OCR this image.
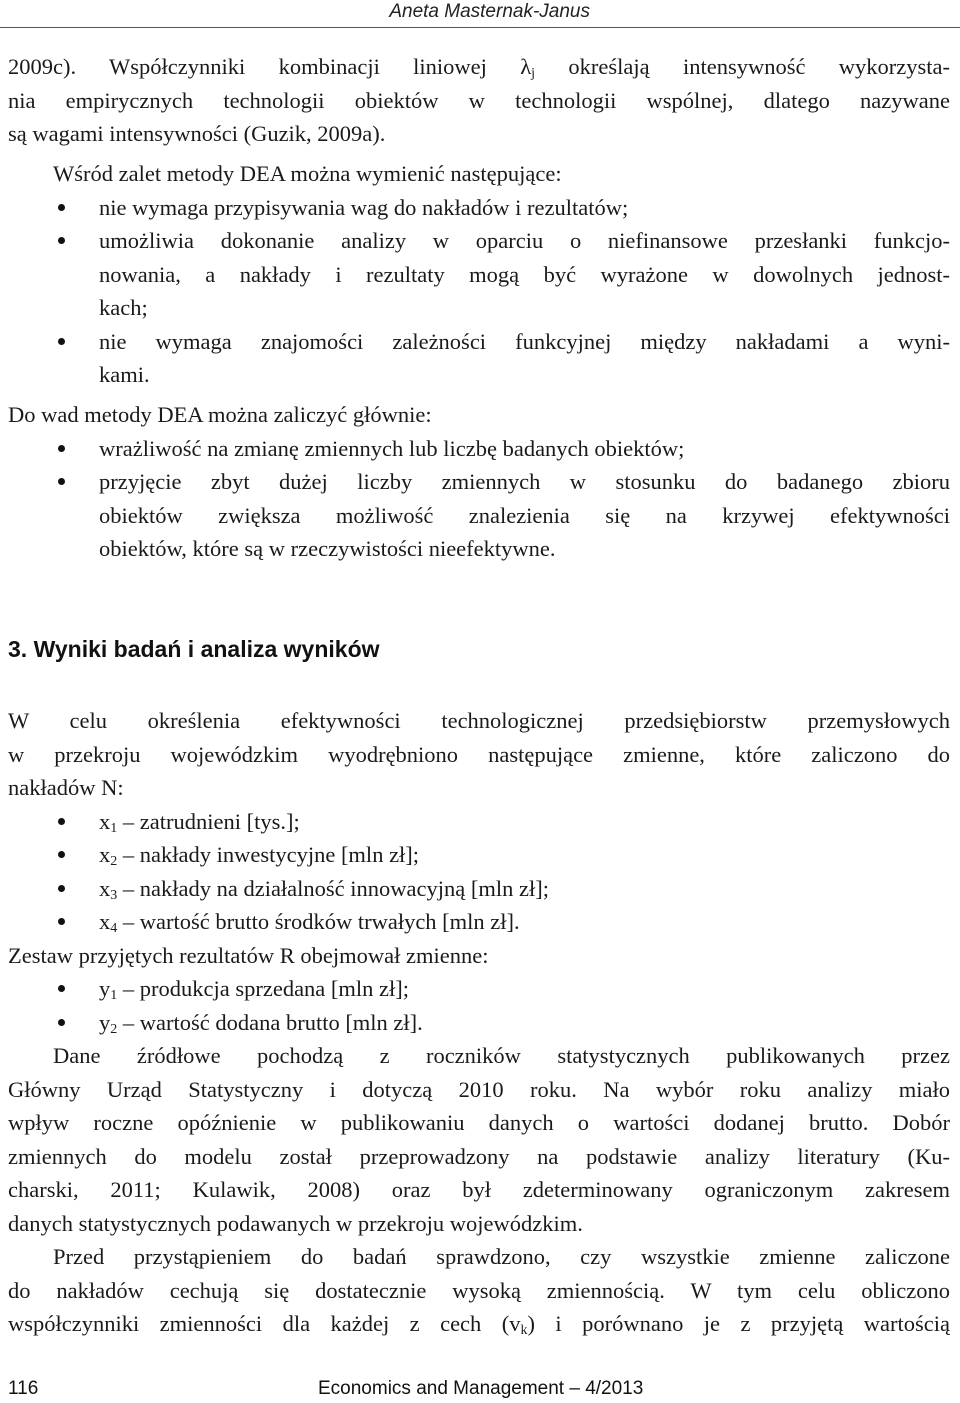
Aneta Masternak-Janus
2009c). Współczynniki kombinacji liniowej $\lambda_j$ określają intensywność wykorzysta-
nia empirycznych technologii obiektów w technologii wspólnej, dlatego nazywane
są wagami intensywności (Guzik, 2009a).
Wśród zalet metody DEA można wymienić następujące:
nie wymaga przypisywania wag do nakładów i rezultatów;
umożliwia dokonanie analizy w oparciu o niefinansowe przesłanki funkcjo-
nowania, a nakłady i rezultaty mogą być wyrażone w dowolnych jednost-
kach;
nie wymaga znajomości zależności funkcyjnej między nakładami a wyni-
kami.
Do wad metody DEA można zaliczyć głównie:
wrażliwość na zmianę zmiennych lub liczbę badanych obiektów;
przyjęcie zbyt dużej liczby zmiennych w stosunku do badanego zbioru
obiektów zwiększa możliwość znalezienia się na krzywej efektywności
obiektów, które są w rzeczywistości nieefektywne.
3. Wyniki badań i analiza wyników
W celu określenia efektywności technologicznej przedsiębiorstw przemysłowych
w przekroju wojewódzkim wyodrębniono następujące zmienne, które zaliczono do
nakładów N:
$x_1$ – zatrudnieni [tys.];
$x_2$ – nakłady inwestycyjne [mln zł];
$x_3$ – nakłady na działalność innowacyjną [mln zł];
$x_4$ – wartość brutto środków trwałych [mln zł].
Zestaw przyjętych rezultatów R obejmował zmienne:
$y_1$ – produkcja sprzedana [mln zł];
$y_2$ – wartość dodana brutto [mln zł].
Dane źródłowe pochodzą z roczników statystycznych publikowanych przez
Główny Urząd Statystyczny i dotyczą 2010 roku. Na wybór roku analizy miało
wpływ roczne opóźnienie w publikowaniu danych o wartości dodanej brutto. Dobór
zmiennych do modelu został przeprowadzony na podstawie analizy literatury (Ku-
charski, 2011; Kulawik, 2008) oraz był zdeterminowany ograniczonym zakresem
danych statystycznych podawanych w przekroju wojewódzkim.
Przed przystąpieniem do badań sprawdzono, czy wszystkie zmienne zaliczone
do nakładów cechują się dostatecznie wysoką zmiennością. W tym celu obliczono
współczynniki zmienności dla każdej z cech $(v_k)$ i porównano je z przyjętą wartością
116	Economics and Management – 4/2013
